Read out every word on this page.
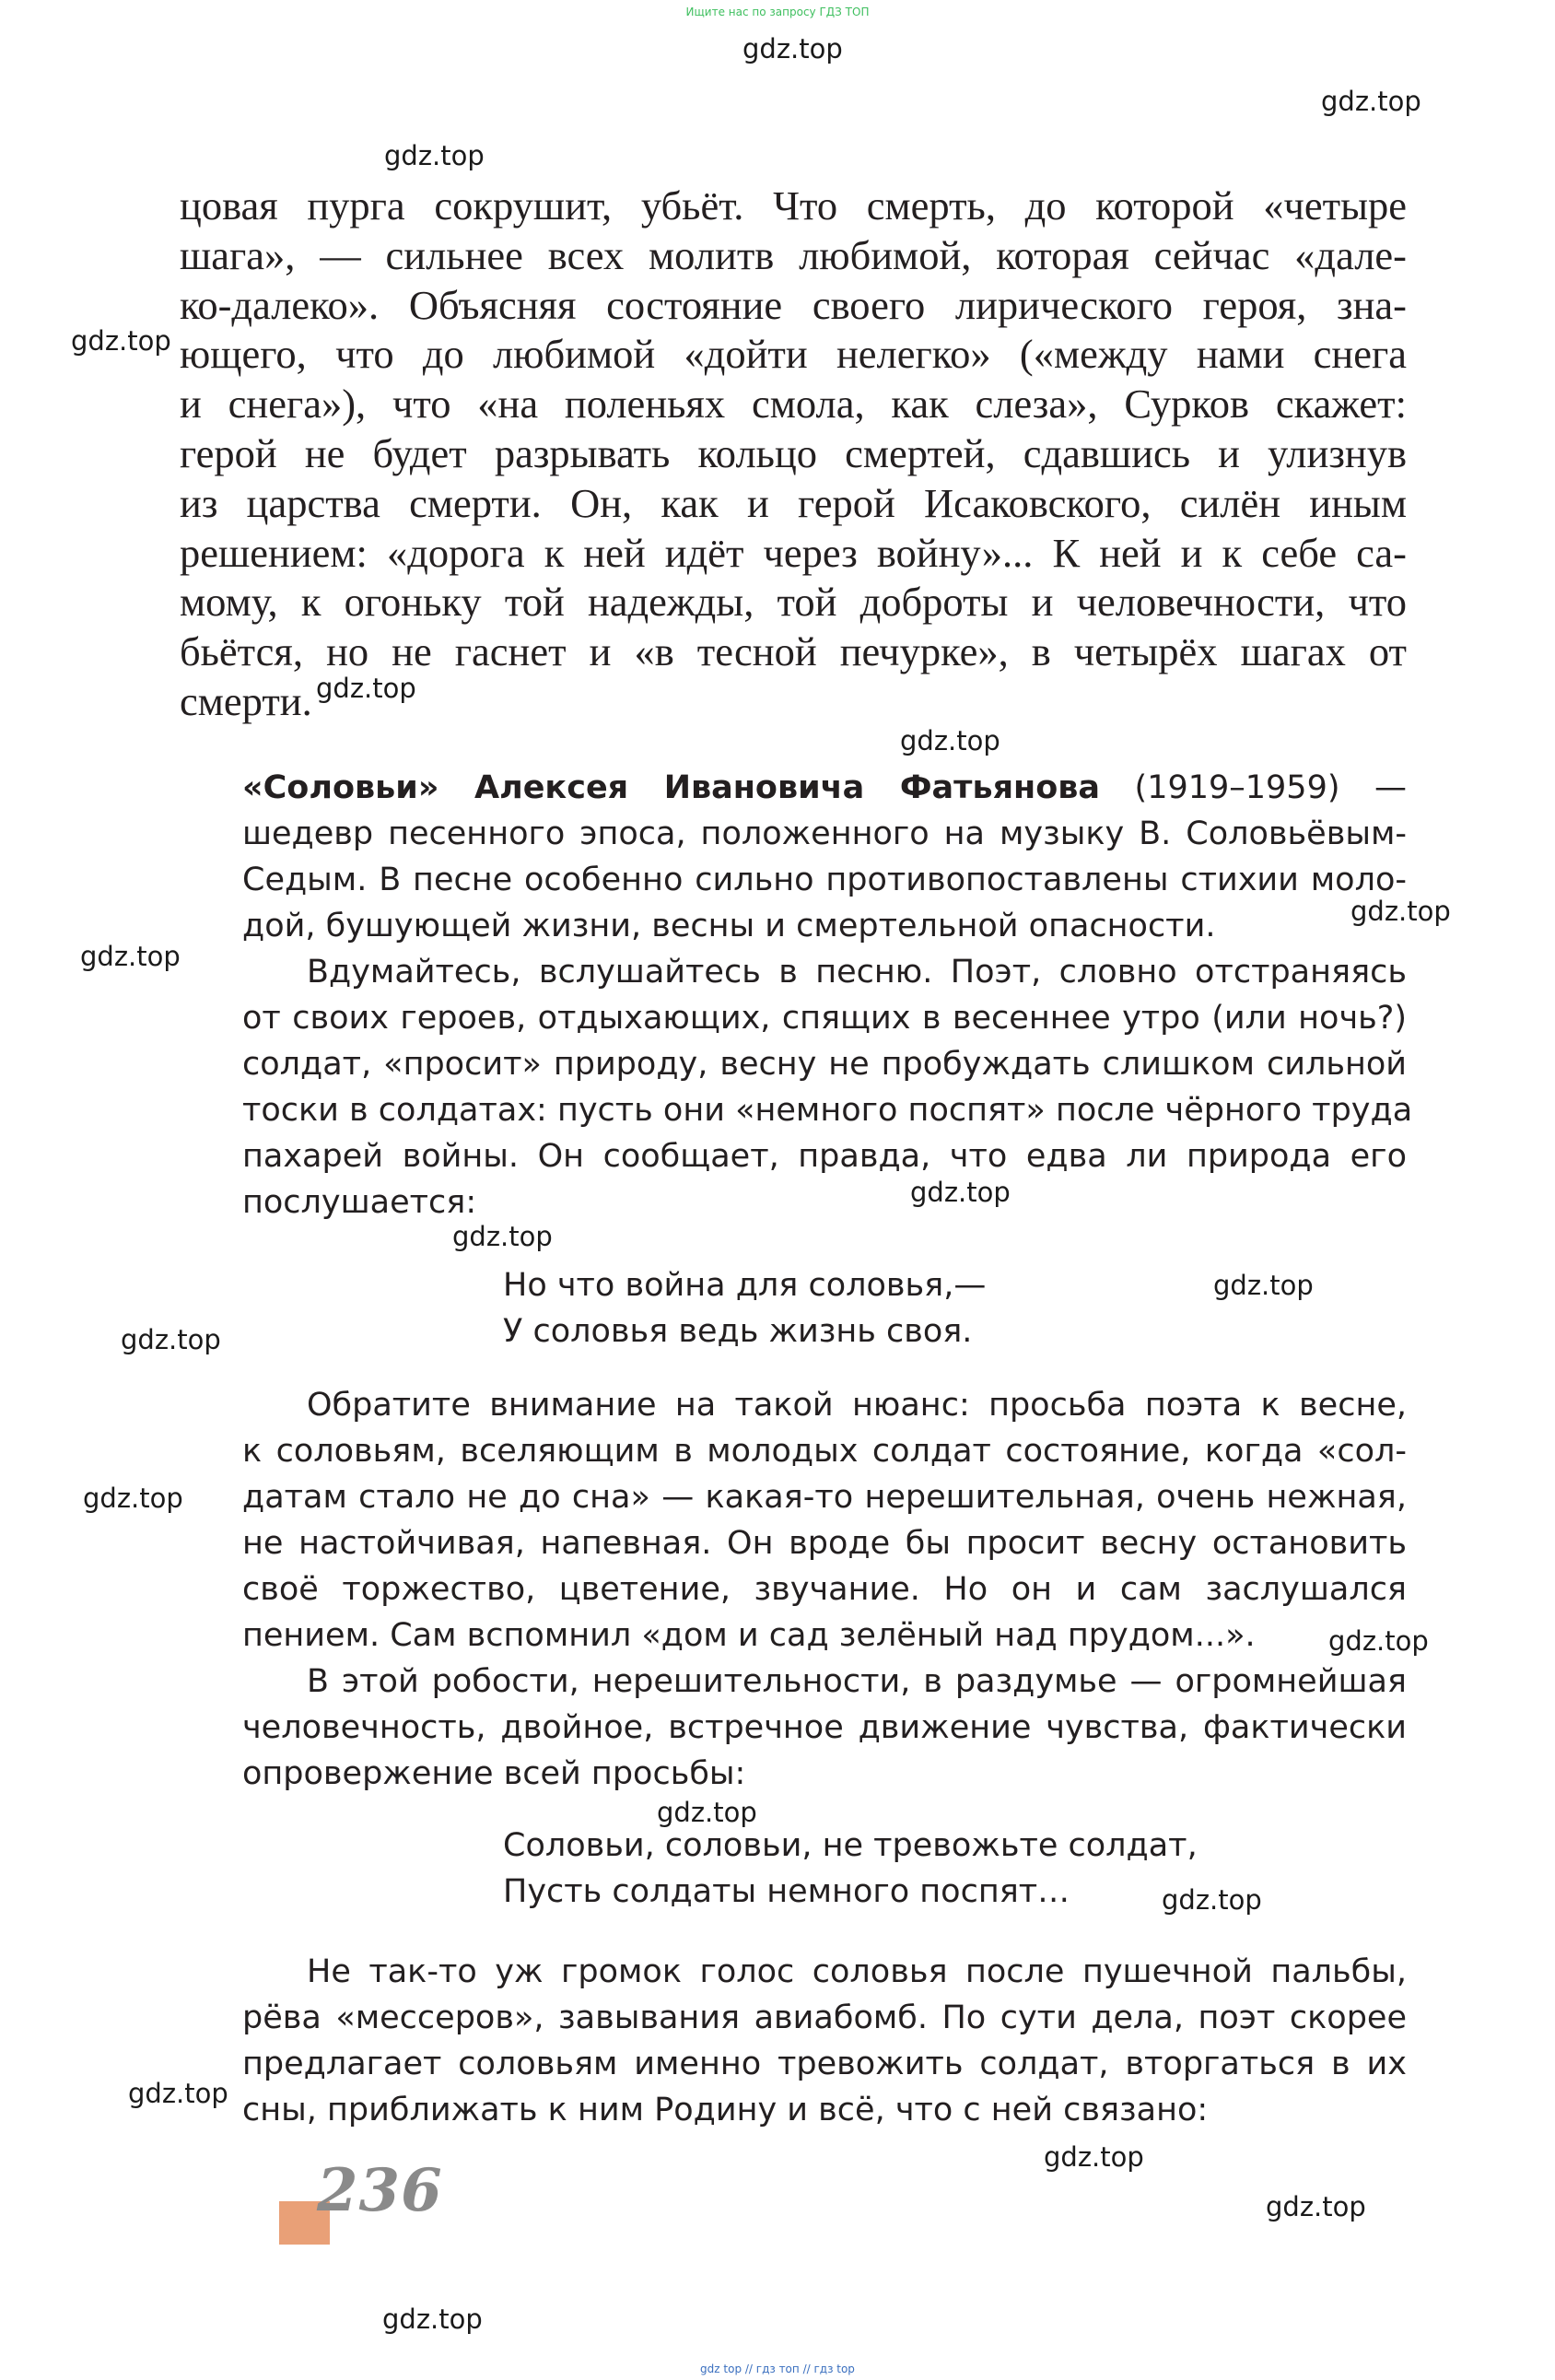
Ищите нас по запросу ГДЗ ТОП
gdz top // гдз топ // гдз top
gdz.top
gdz.top
gdz.top
gdz.top
gdz.top
gdz.top
gdz.top
gdz.top
gdz.top
gdz.top
gdz.top
gdz.top
gdz.top
gdz.top
gdz.top
gdz.top
gdz.top
gdz.top
gdz.top
gdz.top
цовая пурга сокрушит, убьёт. Что смерть, до которой «четыре
шага», — сильнее всех молитв любимой, которая сейчас «дале-
ко-далеко». Объясняя состояние своего лирического героя, зна-
ющего, что до любимой «дойти нелегко» («между нами снега
и снега»), что «на поленьях смола, как слеза», Сурков скажет:
герой не будет разрывать кольцо смертей, сдавшись и улизнув
из царства смерти. Он, как и герой Исаковского, силён иным
решением: «дорога к ней идёт через войну»... К ней и к себе са-
мому, к огоньку той надежды, той доброты и человечности, что
бьётся, но не гаснет и «в тесной печурке», в четырёх шагах от
смерти.
«Соловьи» Алексея Ивановича Фатьянова (1919–1959) —
шедевр песенного эпоса, положенного на музыку В. Соловьёвым-
Седым. В песне особенно сильно противопоставлены стихии моло-
дой, бушующей жизни, весны и смертельной опасности.
Вдумайтесь, вслушайтесь в песню. Поэт, словно отстраняясь
от своих героев, отдыхающих, спящих в весеннее утро (или ночь?)
солдат, «просит» природу, весну не пробуждать слишком сильной
тоски в солдатах: пусть они «немного поспят» после чёрного труда
пахарей войны. Он сообщает, правда, что едва ли природа его
послушается:
Но что война для соловья,—
У соловья ведь жизнь своя.
Обратите внимание на такой нюанс: просьба поэта к весне,
к соловьям, вселяющим в молодых солдат состояние, когда «сол-
датам стало не до сна» — какая-то нерешительная, очень нежная,
не настойчивая, напевная. Он вроде бы просит весну остановить
своё торжество, цветение, звучание. Но он и сам заслушался
пением. Сам вспомнил «дом и сад зелёный над прудом...».
В этой робости, нерешительности, в раздумье — огромнейшая
человечность, двойное, встречное движение чувства, фактически
опровержение всей просьбы:
Соловьи, соловьи, не тревожьте солдат,
Пусть солдаты немного поспят…
Не так-то уж громок голос соловья после пушечной пальбы,
рёва «мессеров», завывания авиабомб. По сути дела, поэт скорее
предлагает соловьям именно тревожить солдат, вторгаться в их
сны, приближать к ним Родину и всё, что с ней связано:
236
